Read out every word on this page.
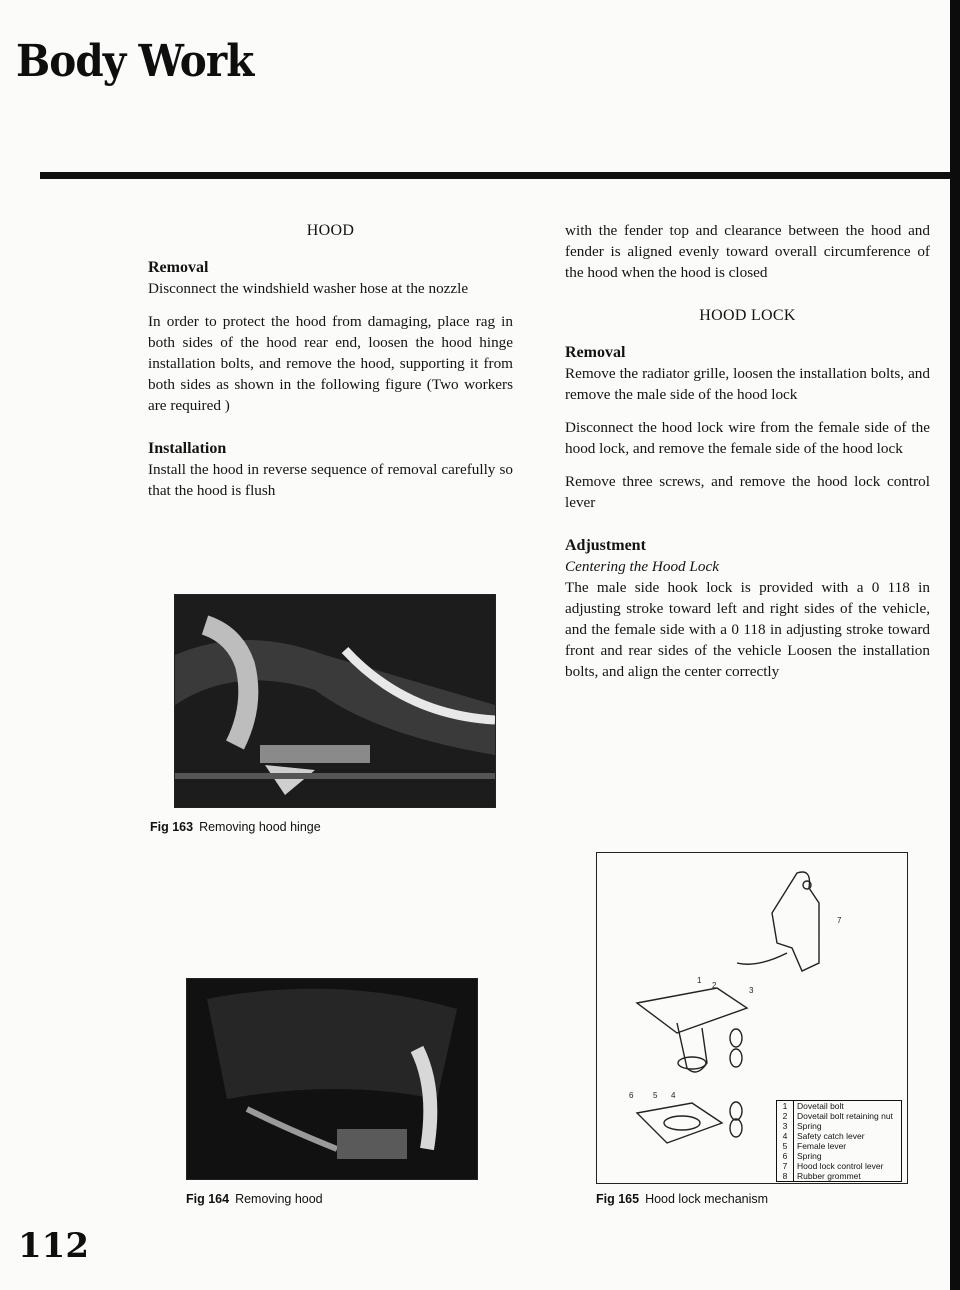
Body Work
HOOD
Removal

Disconnect the windshield washer hose at the nozzle

In order to protect the hood from damaging, place rag in both sides of the hood rear end, loosen the hood hinge installation bolts, and remove the hood, supporting it from both sides as shown in the following figure (Two workers are required )

Installation

Install the hood in reverse sequence of removal carefully so that the hood is flush

Fig 163 Removing hood hinge
Fig 164 Removing hood

with the fender top and clearance between the hood and fender is aligned evenly toward overall circumference of the hood when the hood is closed

HOOD LOCK
Removal

Remove the radiator grille, loosen the installation bolts, and remove the male side of the hood lock

Disconnect the hood lock wire from the female side of the hood lock, and remove the female side of the hood lock

Remove three screws, and remove the hood lock control lever

Adjustment
Centering the Hood Lock

The male side hook lock is provided with a 0 118 in adjusting stroke toward left and right sides of the vehicle, and the female side with a 0 118 in adjusting stroke toward front and rear sides of the vehicle Loosen the installation bolts, and align the center correctly

1
2
3
4
5
6
7
1	Dovetail bolt
2	Dovetail bolt retaining nut
3	Spring
4	Safety catch lever
5	Female lever
6	Spring
7	Hood lock control lever
8	Rubber grommet
Fig 165 Hood lock mechanism
112
